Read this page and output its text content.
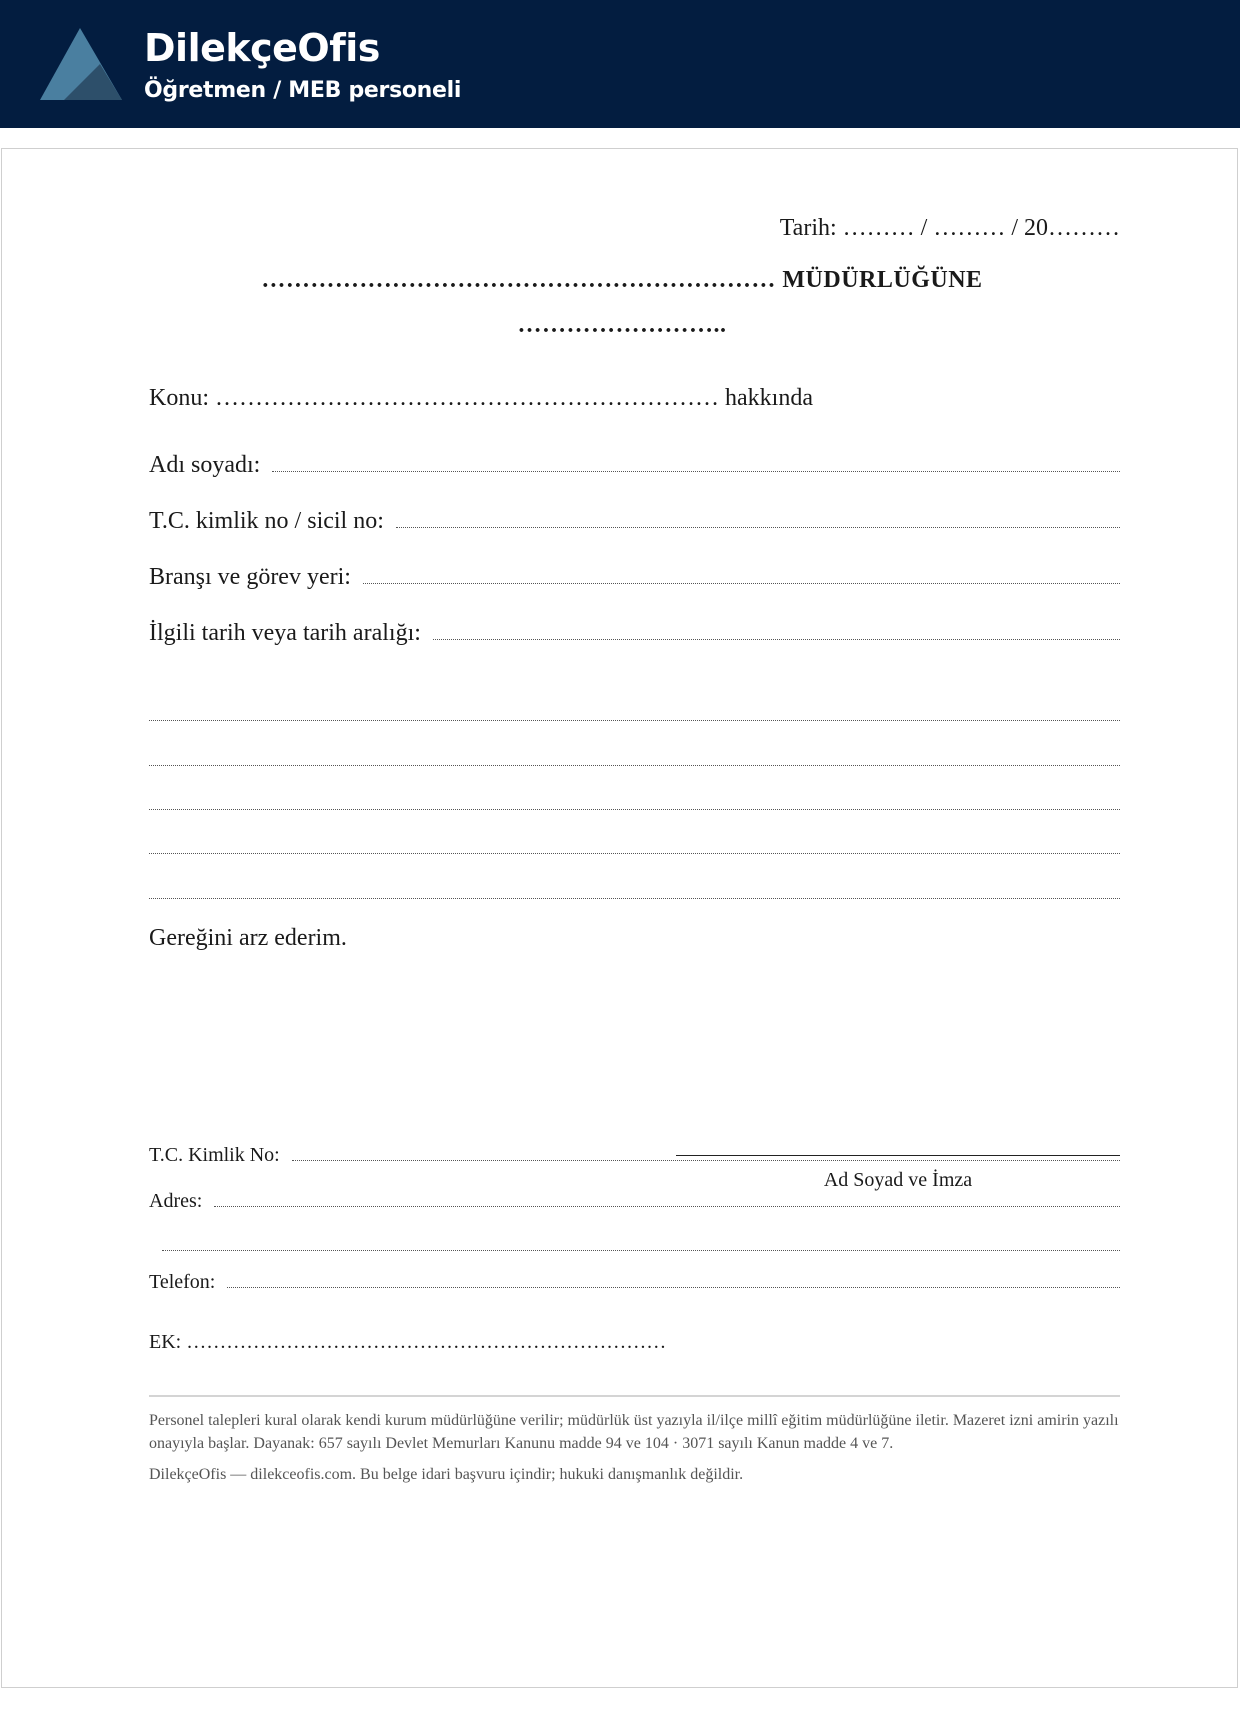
DilekçeOfis
Öğretmen / MEB personeli
Tarih: ……… / ……… / 20………
……………………………………………………… MÜDÜRLÜĞÜNE
……………………..
Konu: ……………………………………………………… hakkında
Adı soyadı:
T.C. kimlik no / sicil no:
Branşı ve görev yeri:
İlgili tarih veya tarih aralığı:
Gereğini arz ederim.
Ad Soyad ve İmza
T.C. Kimlik No:
Adres:
Telefon:
EK: ………………………………………………………………
Personel talepleri kural olarak kendi kurum müdürlüğüne verilir; müdürlük üst yazıyla il/ilçe millî eğitim müdürlüğüne iletir. Mazeret izni amirin yazılı onayıyla başlar. Dayanak: 657 sayılı Devlet Memurları Kanunu madde 94 ve 104 · 3071 sayılı Kanun madde 4 ve 7.
DilekçeOfis — dilekceofis.com. Bu belge idari başvuru içindir; hukuki danışmanlık değildir.
